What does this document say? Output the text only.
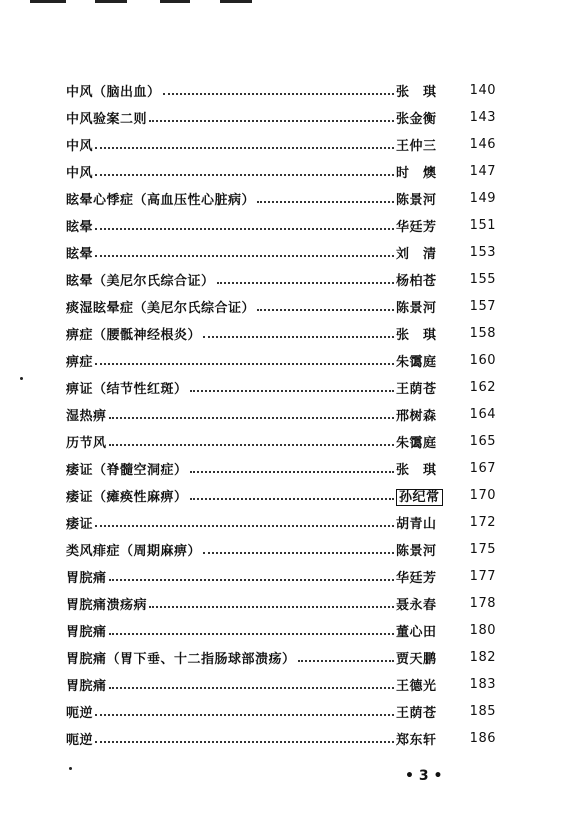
中风（脑出血）	张　琪	140
中风验案二则	张金衡	143
中风	王仲三	146
中风	时　燠	147
眩晕心悸症（高血压性心脏病）	陈景河	149
眩晕	华廷芳	151
眩晕	刘　清	153
眩晕（美尼尔氏综合证）	杨柏苍	155
痰湿眩晕症（美尼尔氏综合证）	陈景河	157
痹症（腰骶神经根炎）	张　琪	158
痹症	朱霭庭	160
痹证（结节性红斑）	王荫苍	162
湿热痹	邢树森	164
历节风	朱霭庭	165
痿证（脊髓空洞症）	张　琪	167
痿证（瘫痪性麻痹）	孙纪常	170
痿证	胡青山	172
类风痱症（周期麻痹）	陈景河	175
胃脘痛	华廷芳	177
胃脘痛溃疡病	聂永春	178
胃脘痛	董心田	180
胃脘痛（胃下垂、十二指肠球部溃疡）	贾天鹏	182
胃脘痛	王德光	183
呃逆	王荫苍	185
呃逆	郑东轩	186
• 3 •
